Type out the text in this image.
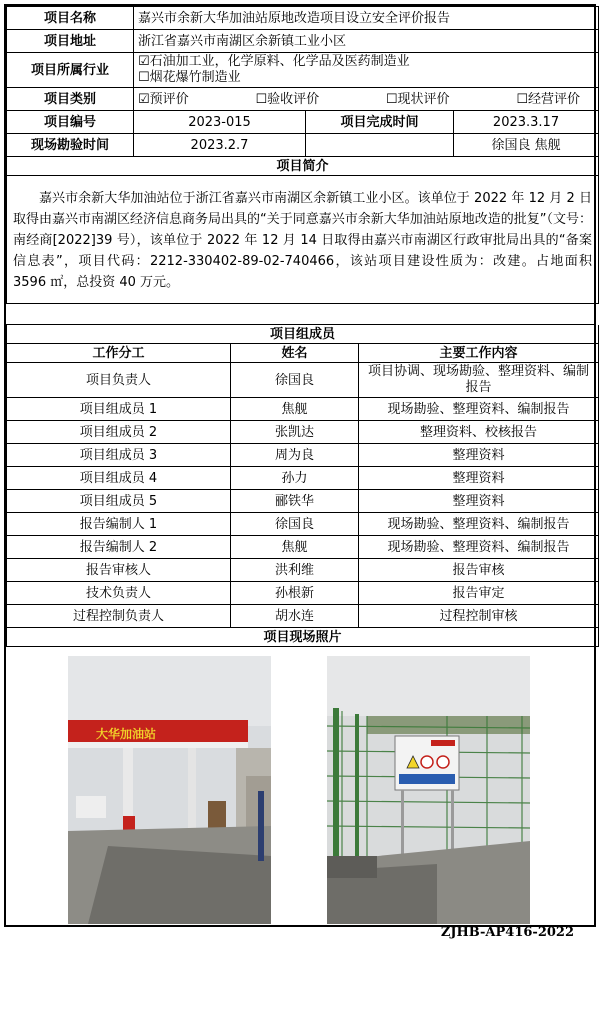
项目名称	嘉兴市余新大华加油站原地改造项目设立安全评价报告		
项目地址	浙江省嘉兴市南湖区余新镇工业小区		
项目所属行业	☑石油加工业，化学原料、化学品及医药制造业
☐烟花爆竹制造业		

项目类别	☑预评价 ☐验收评价 ☐现状评价 ☐经营评价		

项目编号	2023-015	项目完成时间	2023.3.17
现场勘验时间	2023.2.7		徐国良 焦舰
项目简介			
嘉兴市余新大华加油站位于浙江省嘉兴市南湖区余新镇工业小区。该单位于 2022 年 12 月 2 日取得由嘉兴市南湖区经济信息商务局出具的“关于同意嘉兴市余新大华加油站原地改造的批复”（文号：南经商[2022]39 号），该单位于 2022 年 12 月 14 日取得由嘉兴市南湖区行政审批局出具的“备案信息表”，项目代码：2212-330402-89-02-740466，该站项目建设性质为：改建。占地面积 3596 ㎡，总投资 40 万元。			
项目组成员		
工作分工	姓名	主要工作内容
项目负责人	徐国良	项目协调、现场勘验、整理资料、编制报告
项目组成员 1	焦舰	现场勘验、整理资料、编制报告
项目组成员 2	张凯达	整理资料、校核报告
项目组成员 3	周为良	整理资料
项目组成员 4	孙力	整理资料
项目组成员 5	郦铁华	整理资料
报告编制人 1	徐国良	现场勘验、整理资料、编制报告
报告编制人 2	焦舰	现场勘验、整理资料、编制报告
报告审核人	洪利维	报告审核
技术负责人	孙根新	报告审定
过程控制负责人	胡水连	过程控制审核
项目现场照片		
大华加油站
ZJHB-AP416-2022
